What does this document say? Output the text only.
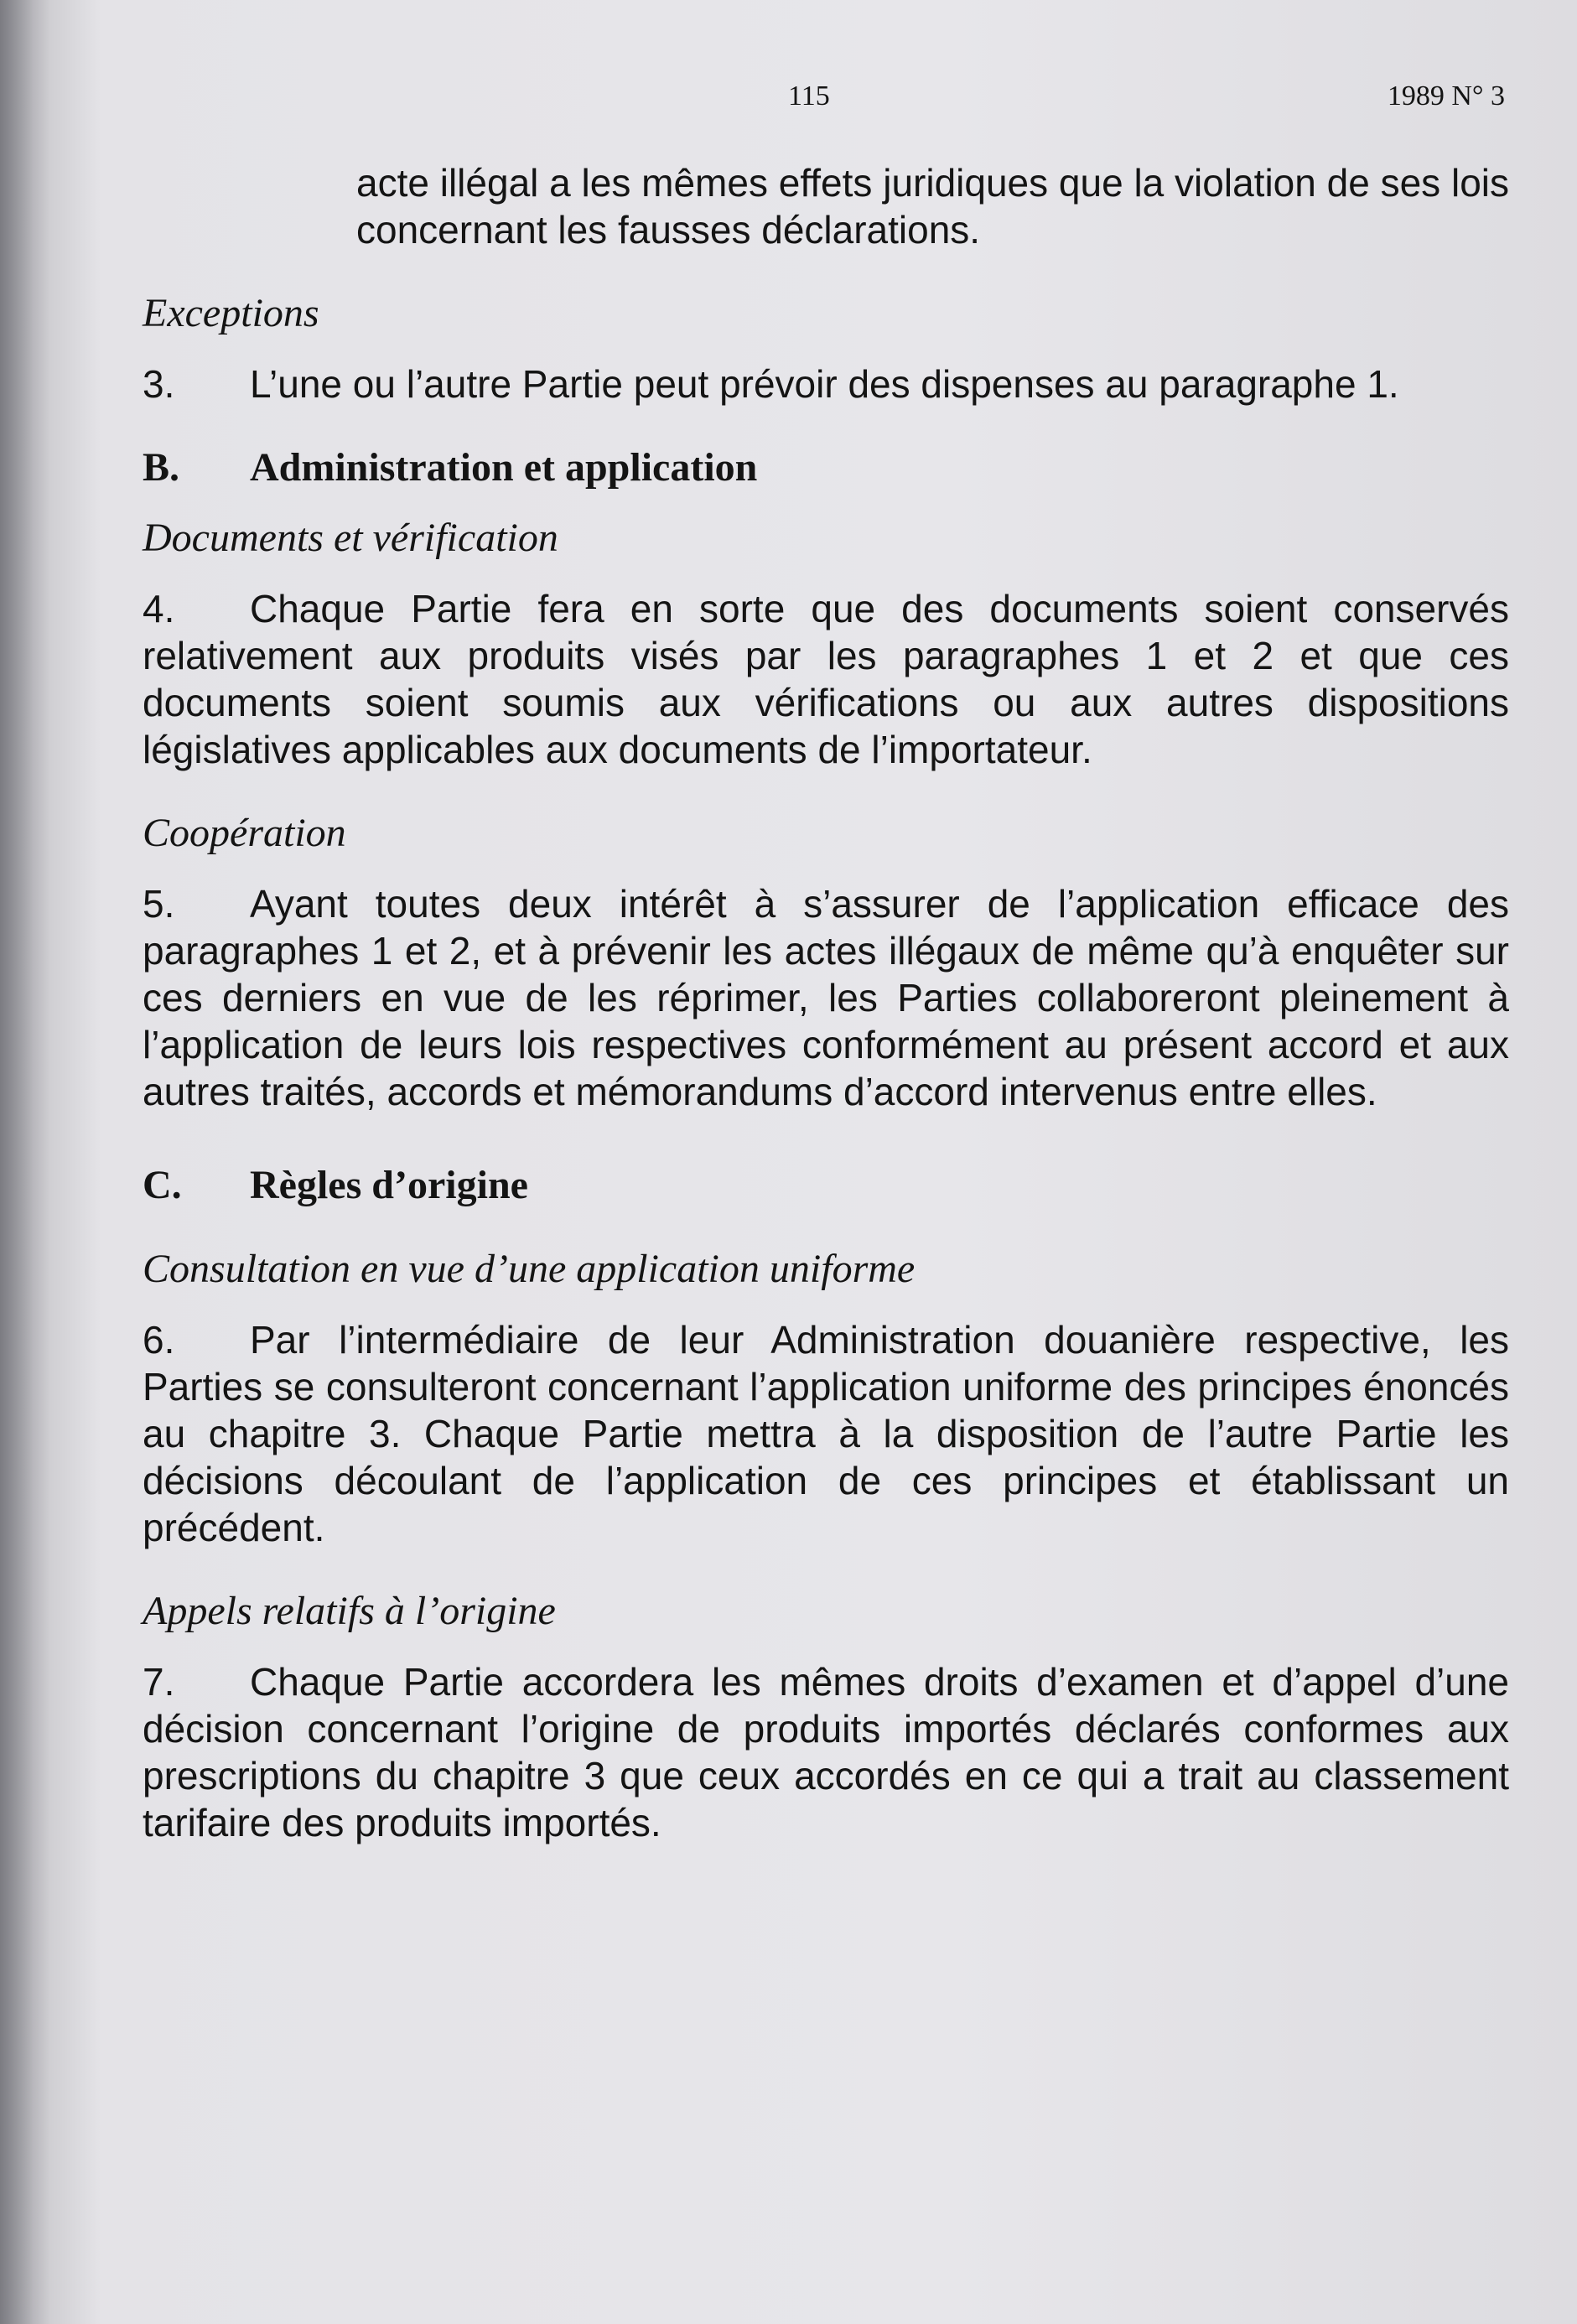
115	1989 N° 3

acte illégal a les mêmes effets juridiques que la violation de ses lois concernant les fausses déclarations.

Exceptions

3. L’une ou l’autre Partie peut prévoir des dispenses au paragraphe 1.

B. Administration et application

Documents et vérification

4. Chaque Partie fera en sorte que des documents soient conservés relativement aux produits visés par les paragraphes 1 et 2 et que ces documents soient soumis aux vérifications ou aux autres dispositions législatives applicables aux documents de l’importateur.

Coopération

5. Ayant toutes deux intérêt à s’assurer de l’application efficace des paragraphes 1 et 2, et à prévenir les actes illégaux de même qu’à enquêter sur ces derniers en vue de les réprimer, les Parties collaboreront pleinement à l’application de leurs lois respectives conformément au présent accord et aux autres traités, accords et mémorandums d’accord intervenus entre elles.

C. Règles d’origine

Consultation en vue d’une application uniforme

6. Par l’intermédiaire de leur Administration douanière respective, les Parties se consulteront concernant l’application uniforme des principes énoncés au chapitre 3. Chaque Partie mettra à la disposition de l’autre Partie les décisions découlant de l’application de ces principes et établissant un précédent.

Appels relatifs à l’origine

7. Chaque Partie accordera les mêmes droits d’examen et d’appel d’une décision concernant l’origine de produits importés déclarés conformes aux prescriptions du chapitre 3 que ceux accordés en ce qui a trait au classement tarifaire des produits importés.
